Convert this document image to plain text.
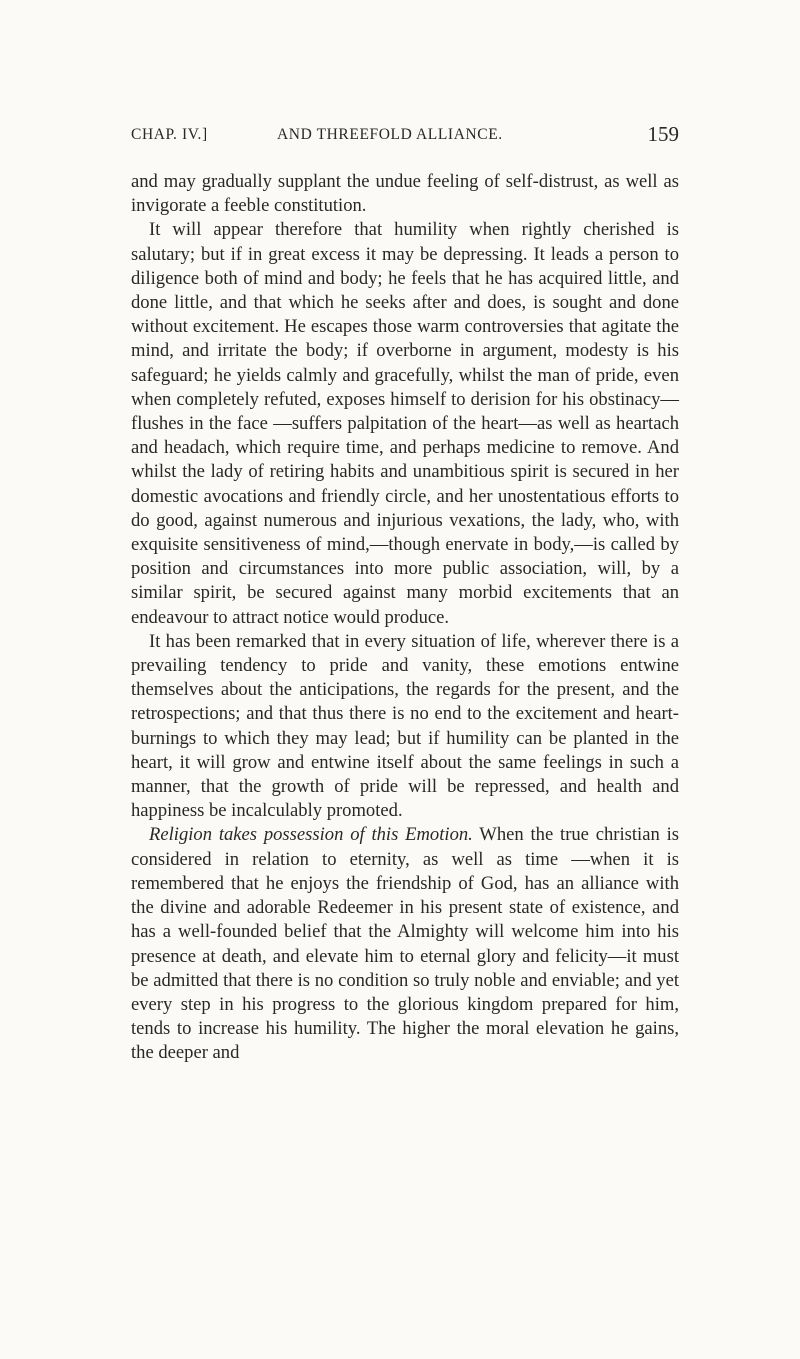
CHAP. IV.]	AND THREEFOLD ALLIANCE.	159

and may gradually supplant the undue feeling of self-distrust, as well as invigorate a feeble constitution.

It will appear therefore that humility when rightly cherished is salutary; but if in great excess it may be depressing. It leads a person to diligence both of mind and body; he feels that he has acquired little, and done little, and that which he seeks after and does, is sought and done without excitement. He escapes those warm controversies that agitate the mind, and irritate the body; if overborne in argument, modesty is his safeguard; he yields calmly and gracefully, whilst the man of pride, even when completely refuted, exposes himself to derision for his obstinacy—flushes in the face —suffers palpitation of the heart—as well as heartach and headach, which require time, and perhaps medicine to remove. And whilst the lady of retiring habits and unambitious spirit is secured in her domestic avocations and friendly circle, and her unostentatious efforts to do good, against numerous and injurious vexations, the lady, who, with exquisite sensitiveness of mind,—though enervate in body,—is called by position and circumstances into more public association, will, by a similar spirit, be secured against many morbid excitements that an endeavour to attract notice would produce.

It has been remarked that in every situation of life, wherever there is a prevailing tendency to pride and vanity, these emotions entwine themselves about the anticipations, the regards for the present, and the retrospections; and that thus there is no end to the excitement and heart-burnings to which they may lead; but if humility can be planted in the heart, it will grow and entwine itself about the same feelings in such a manner, that the growth of pride will be repressed, and health and happiness be incalculably promoted.

Religion takes possession of this Emotion. When the true christian is considered in relation to eternity, as well as time —when it is remembered that he enjoys the friendship of God, has an alliance with the divine and adorable Redeemer in his present state of existence, and has a well-founded belief that the Almighty will welcome him into his presence at death, and elevate him to eternal glory and felicity—it must be admitted that there is no condition so truly noble and enviable; and yet every step in his progress to the glorious kingdom prepared for him, tends to increase his humility. The higher the moral elevation he gains, the deeper and
